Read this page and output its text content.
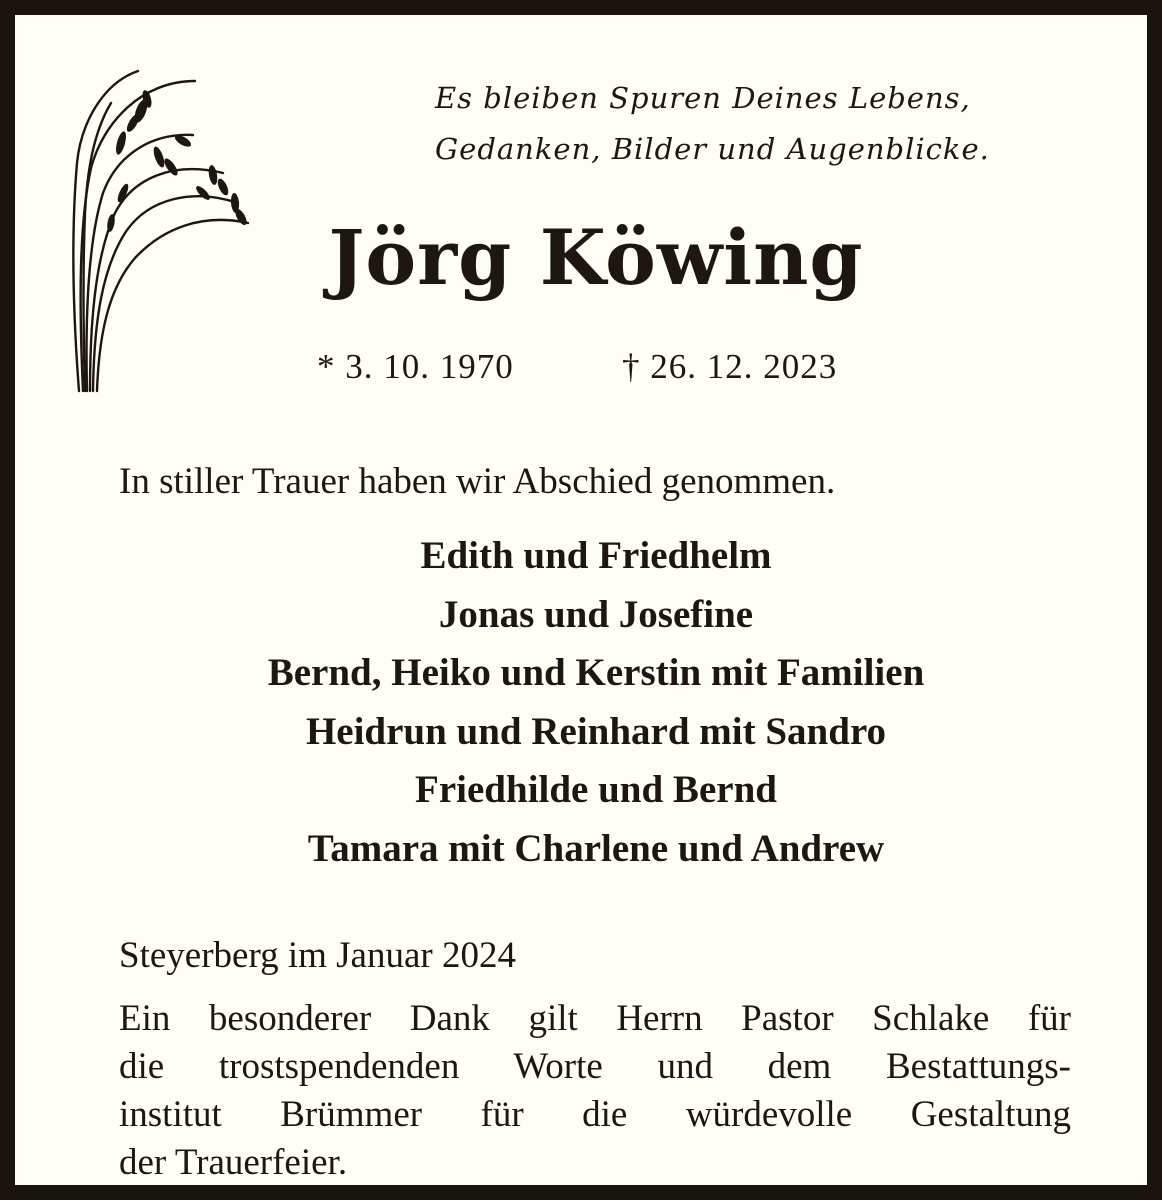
Es bleiben Spuren Deines Lebens,
Gedanken, Bilder und Augenblicke.
Jörg Köwing
* 3. 10. 1970	† 26. 12. 2023
In stiller Trauer haben wir Abschied genommen.
Edith und Friedhelm
Jonas und Josefine
Bernd, Heiko und Kerstin mit Familien
Heidrun und Reinhard mit Sandro
Friedhilde und Bernd
Tamara mit Charlene und Andrew
Steyerberg im Januar 2024
Ein besonderer Dank gilt Herrn Pastor Schlake für
die trostspendenden Worte und dem Bestattungs-
institut Brümmer für die würdevolle Gestaltung
der Trauerfeier.
